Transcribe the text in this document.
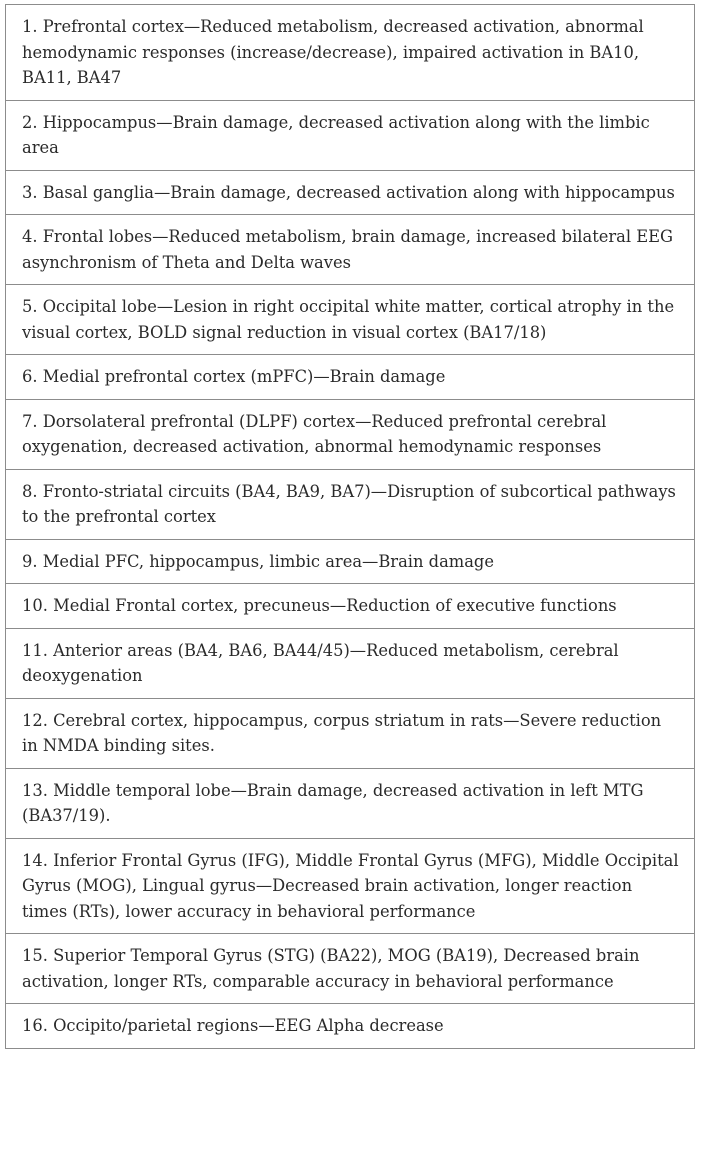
1. Prefrontal cortex—Reduced metabolism, decreased activation, abnormal hemodynamic responses (increase/decrease), impaired activation in BA10, BA11, BA47
2. Hippocampus—Brain damage, decreased activation along with the limbic area
3. Basal ganglia—Brain damage, decreased activation along with hippocampus
4. Frontal lobes—Reduced metabolism, brain damage, increased bilateral EEG asynchronism of Theta and Delta waves
5. Occipital lobe—Lesion in right occipital white matter, cortical atrophy in the visual cortex, BOLD signal reduction in visual cortex (BA17/18)
6. Medial prefrontal cortex (mPFC)—Brain damage
7. Dorsolateral prefrontal (DLPF) cortex—Reduced prefrontal cerebral oxygenation, decreased activation, abnormal hemodynamic responses
8. Fronto-striatal circuits (BA4, BA9, BA7)—Disruption of subcortical pathways to the prefrontal cortex
9. Medial PFC, hippocampus, limbic area—Brain damage
10. Medial Frontal cortex, precuneus—Reduction of executive functions
11. Anterior areas (BA4, BA6, BA44/45)—Reduced metabolism, cerebral deoxygenation
12. Cerebral cortex, hippocampus, corpus striatum in rats—Severe reduction in NMDA binding sites.
13. Middle temporal lobe—Brain damage, decreased activation in left MTG (BA37/19).
14. Inferior Frontal Gyrus (IFG), Middle Frontal Gyrus (MFG), Middle Occipital Gyrus (MOG), Lingual gyrus—Decreased brain activation, longer reaction times (RTs), lower accuracy in behavioral performance
15. Superior Temporal Gyrus (STG) (BA22), MOG (BA19), Decreased brain activation, longer RTs, comparable accuracy in behavioral performance
16. Occipito/parietal regions—EEG Alpha decrease
